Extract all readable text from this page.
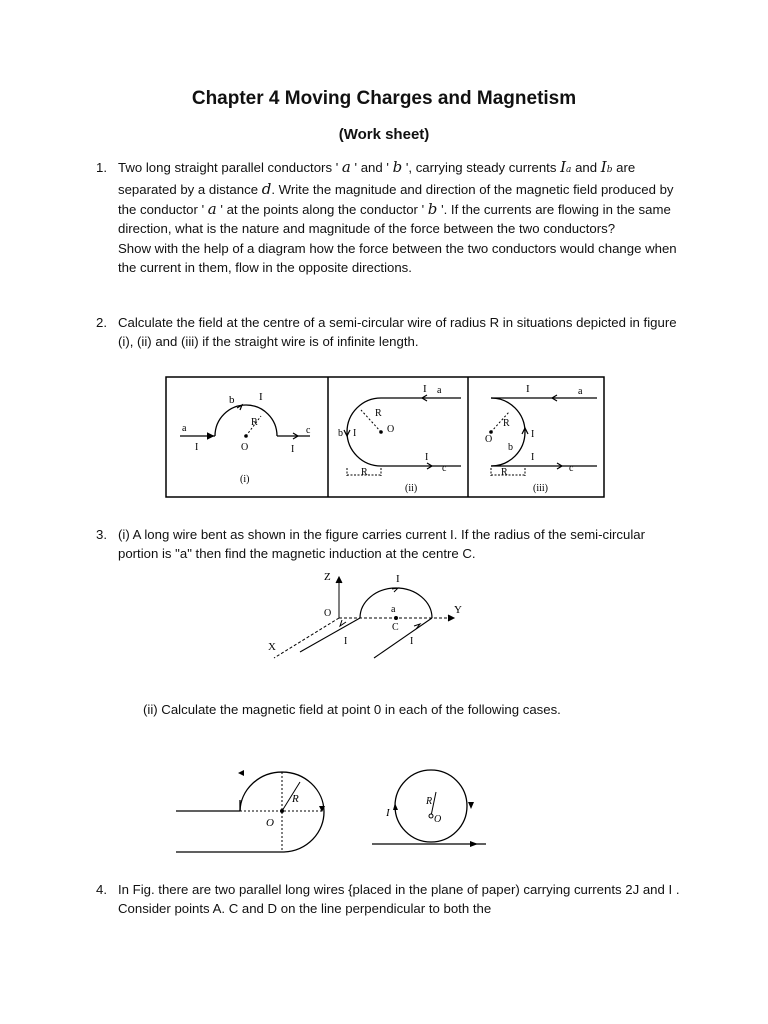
Chapter 4 Moving Charges and Magnetism
(Work sheet)
1. Two long straight parallel conductors ' a ' and ' b ', carrying steady currents Ia and Ib are separated by a distance d. Write the magnitude and direction of the magnetic field produced by the conductor ' a ' at the points along the conductor ' b '. If the currents are flowing in the same direction, what is the nature and magnitude of the force between the two conductors?

Show with the help of a diagram how the force between the two conductors would change when the current in them, flow in the opposite directions.

2. Calculate the field at the centre of a semi-circular wire of radius R in situations depicted in figure (i), (ii) and (iii) if the straight wire is of infinite length.

a
b I
R
O
c
I	I
(i)
I a
R
b I	O
I
c
R
(ii)
I	a
R
O
b
I
I
c
R
(iii)
3. (i) A long wire bent as shown in the figure carries current I. If the radius of the semi-circular portion is "a" then find the magnetic induction at the centre C.

Z	I
O	a	Y
C
X	I	I

(ii) Calculate the magnetic field at point 0 in each of the following cases.

R
O
I
R
O
4. In Fig. there are two parallel long wires {placed in the plane of paper) carrying currents 2J and I . Consider points A. C and D on the line perpendicular to both the
